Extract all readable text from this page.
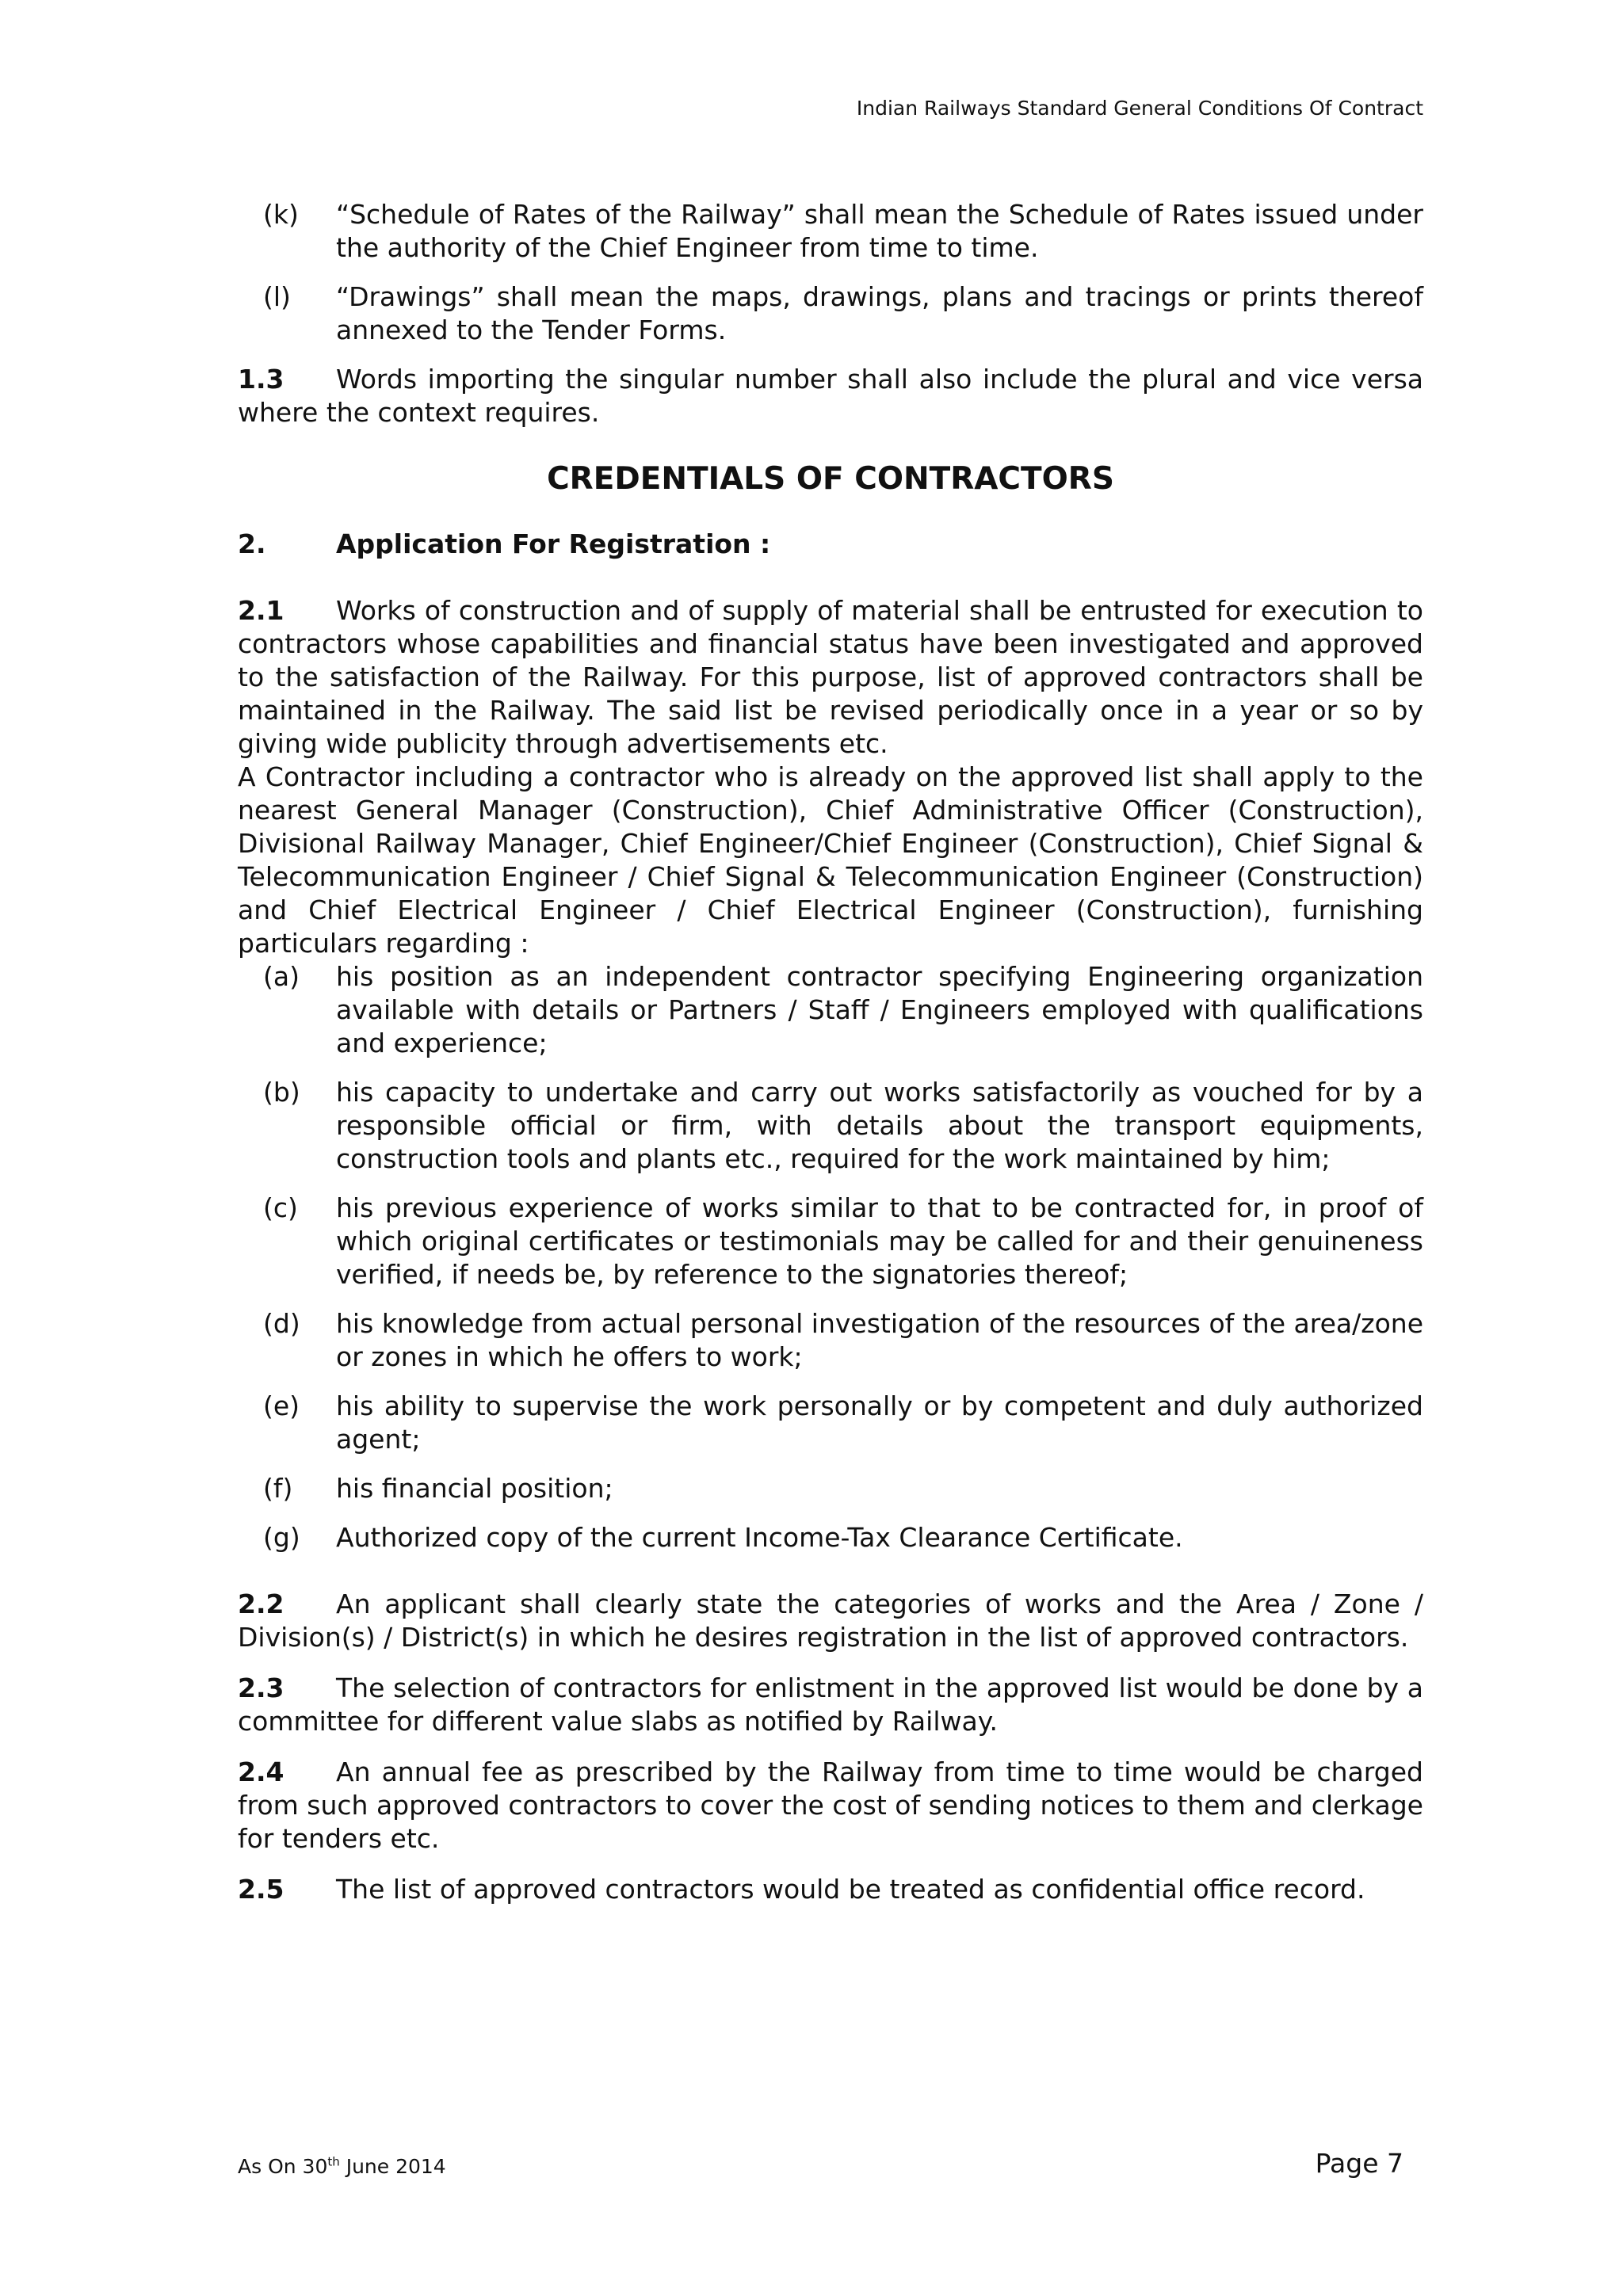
Indian Railways Standard General Conditions Of Contract
(k) “Schedule of Rates of the Railway” shall mean the Schedule of Rates issued under the authority of the Chief Engineer from time to time.
(l) “Drawings” shall mean the maps, drawings, plans and tracings or prints thereof annexed to the Tender Forms.

1.3 Words importing the singular number shall also include the plural and vice versa where the context requires.

CREDENTIALS OF CONTRACTORS
2.	Application For Registration :

2.1 Works of construction and of supply of material shall be entrusted for execution to contractors whose capabilities and financial status have been investigated and approved to the satisfaction of the Railway. For this purpose, list of approved contractors shall be maintained in the Railway. The said list be revised periodically once in a year or so by giving wide publicity through advertisements etc.

A Contractor including a contractor who is already on the approved list shall apply to the nearest General Manager (Construction), Chief Administrative Officer (Construction), Divisional Railway Manager, Chief Engineer/Chief Engineer (Construction), Chief Signal & Telecommunication Engineer / Chief Signal & Telecommunication Engineer (Construction) and Chief Electrical Engineer / Chief Electrical Engineer (Construction), furnishing particulars regarding :

(a) his position as an independent contractor specifying Engineering organization available with details or Partners / Staff / Engineers employed with qualifications and experience;
(b) his capacity to undertake and carry out works satisfactorily as vouched for by a responsible official or firm, with details about the transport equipments, construction tools and plants etc., required for the work maintained by him;
(c) his previous experience of works similar to that to be contracted for, in proof of which original certificates or testimonials may be called for and their genuineness verified, if needs be, by reference to the signatories thereof;
(d) his knowledge from actual personal investigation of the resources of the area/zone or zones in which he offers to work;
(e) his ability to supervise the work personally or by competent and duly authorized agent;
(f) his financial position;
(g) Authorized copy of the current Income-Tax Clearance Certificate.

2.2 An applicant shall clearly state the categories of works and the Area / Zone / Division(s) / District(s) in which he desires registration in the list of approved contractors.

2.3 The selection of contractors for enlistment in the approved list would be done by a committee for different value slabs as notified by Railway.

2.4 An annual fee as prescribed by the Railway from time to time would be charged from such approved contractors to cover the cost of sending notices to them and clerkage for tenders etc.

2.5 The list of approved contractors would be treated as confidential office record.

As On 30th June 2014	Page 7
